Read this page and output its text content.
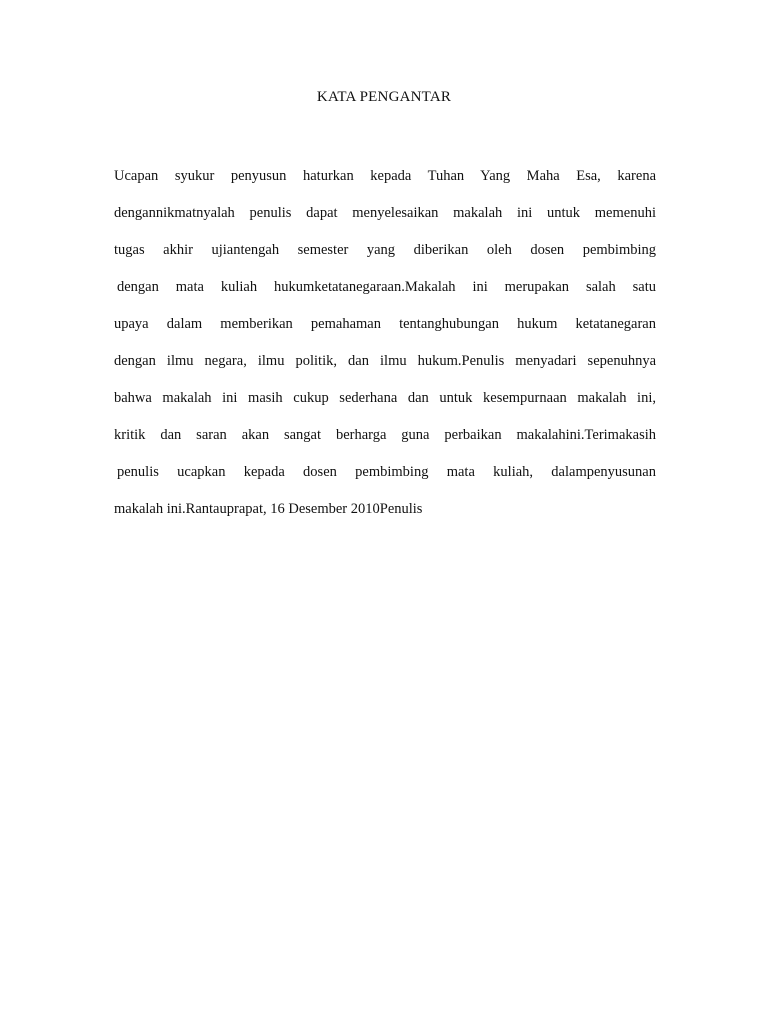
KATA PENGANTAR
Ucapan syukur penyusun haturkan kepada Tuhan Yang Maha Esa, karena
dengannikmatnyalah penulis dapat menyelesaikan makalah ini untuk memenuhi
tugas akhir ujiantengah semester yang diberikan oleh dosen pembimbing
dengan mata kuliah hukumketatanegaraan.Makalah ini merupakan salah satu
upaya dalam memberikan pemahaman tentanghubungan hukum ketatanegaran
dengan ilmu negara, ilmu politik, dan ilmu hukum.Penulis menyadari sepenuhnya
bahwa makalah ini masih cukup sederhana dan untuk kesempurnaan makalah ini,
kritik dan saran akan sangat berharga guna perbaikan makalahini.Terimakasih
penulis ucapkan kepada dosen pembimbing mata kuliah, dalampenyusunan
makalah ini.Rantauprapat, 16 Desember 2010Penulis
